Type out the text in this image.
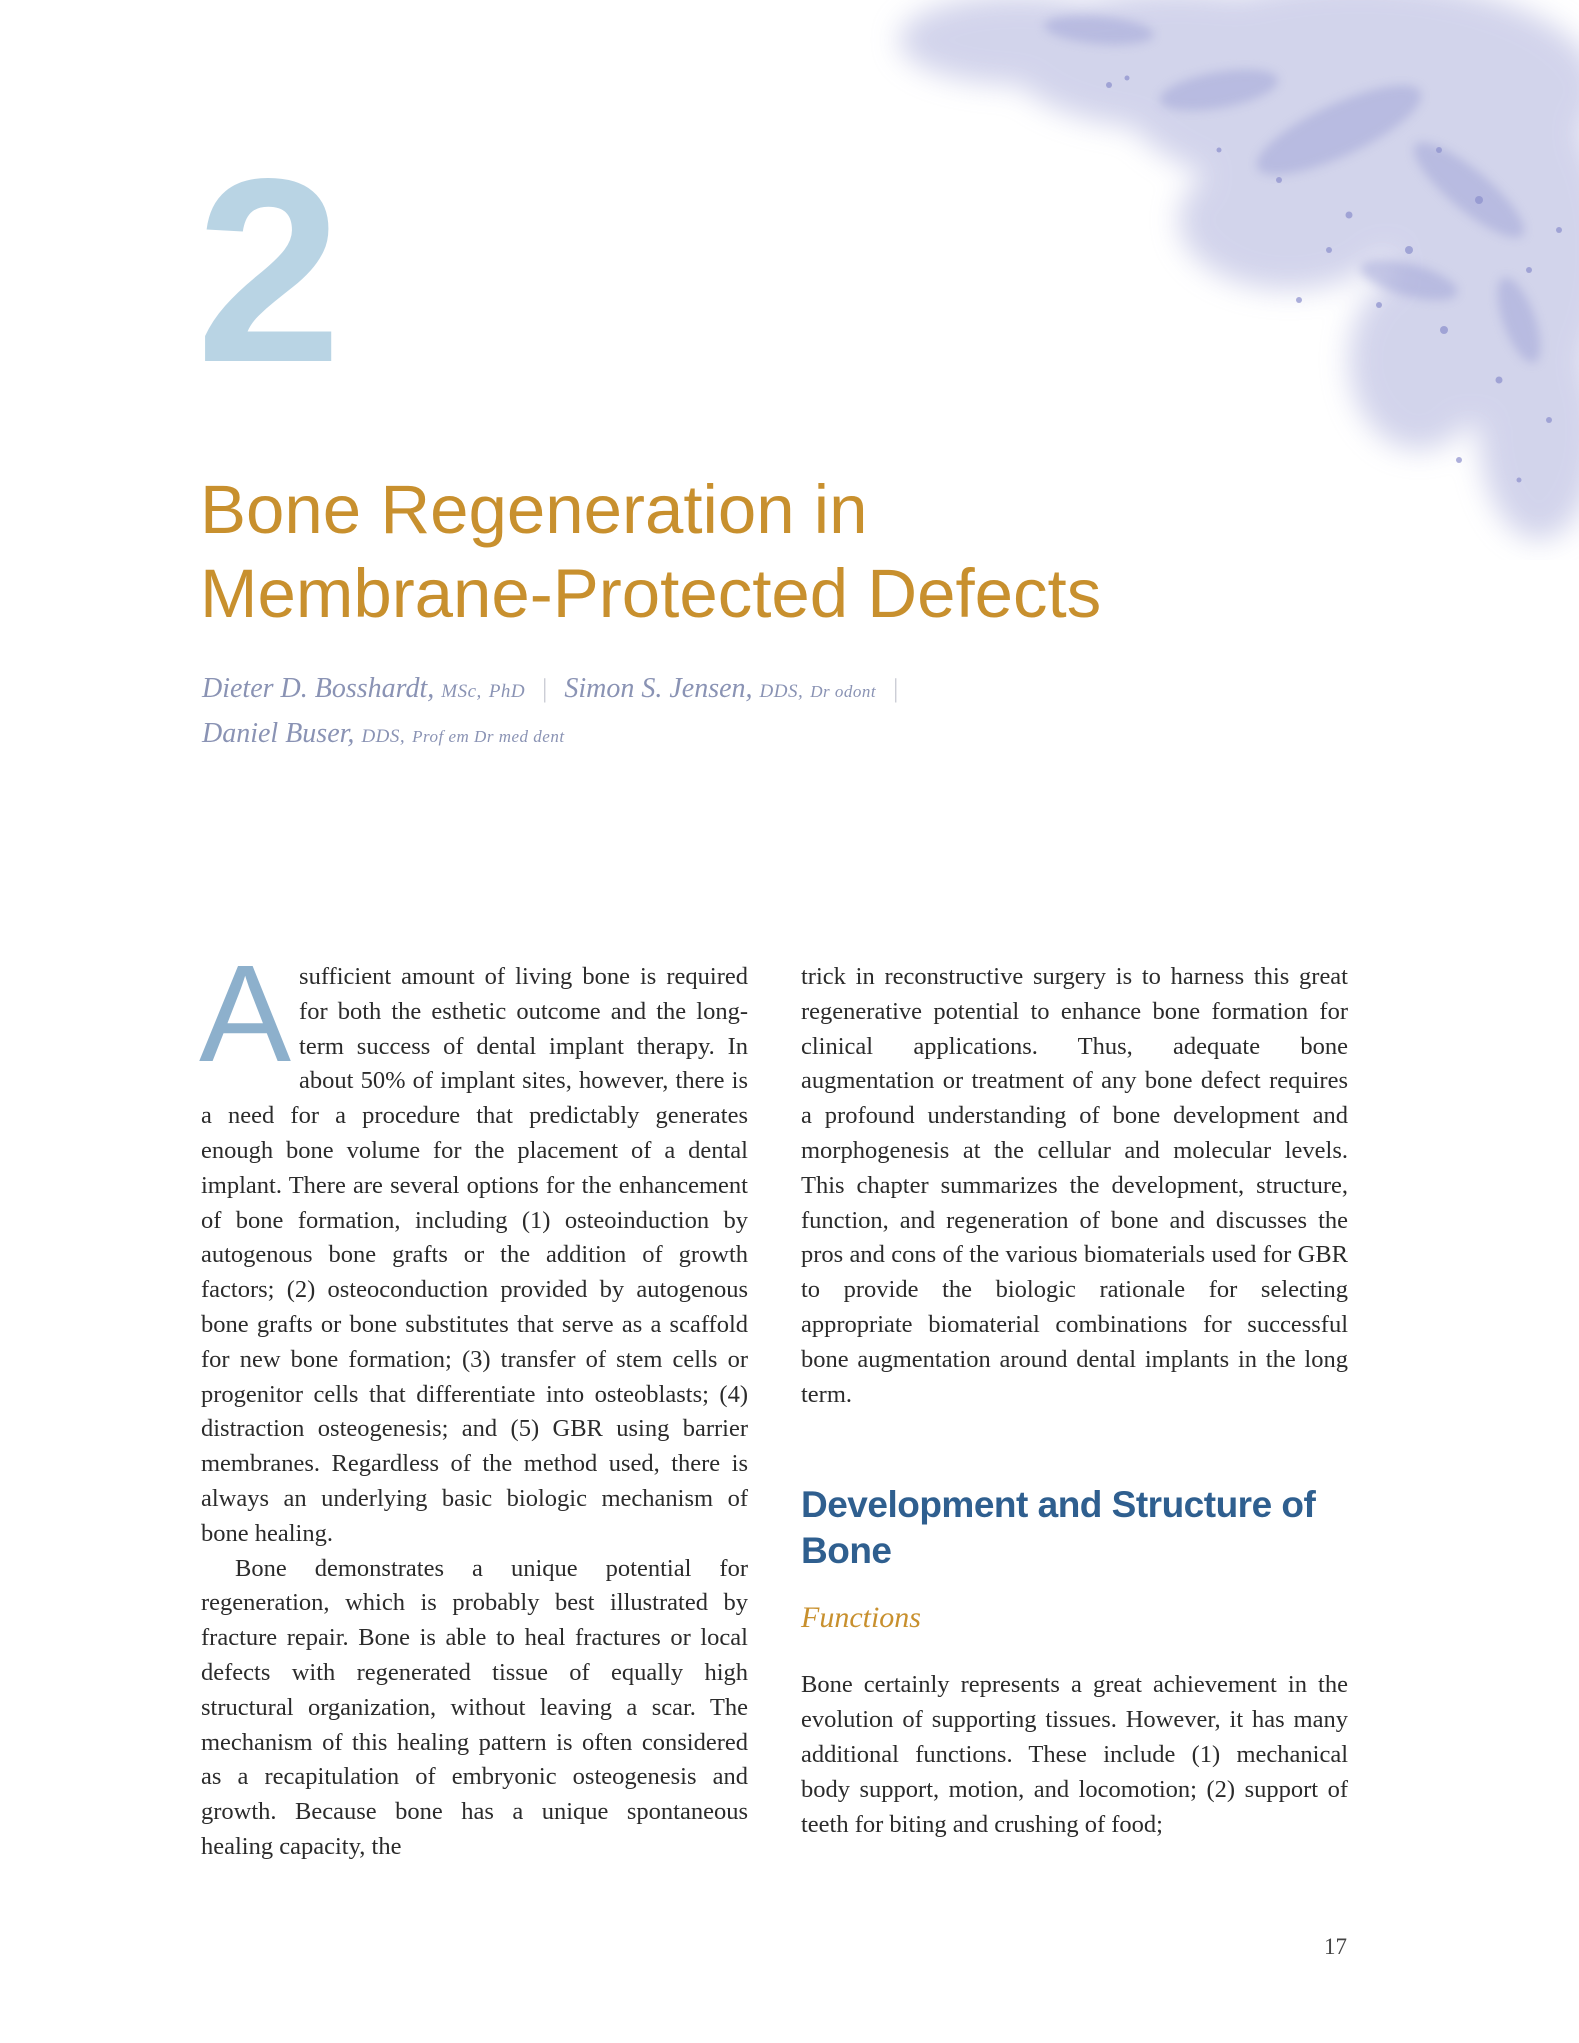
2
Bone Regeneration in
Membrane-Protected Defects
Dieter D. Bosshardt, MSc, PhD | Simon S. Jensen, DDS, Dr odont |
Daniel Buser, DDS, Prof em Dr med dent

Asufficient amount of living bone is required for both the esthetic outcome and the long-term success of dental implant therapy. In about 50% of implant sites, however, there is a need for a procedure that predictably generates enough bone volume for the placement of a dental implant. There are several options for the enhancement of bone formation, including (1) osteoinduction by autogenous bone grafts or the addition of growth factors; (2) osteoconduction provided by autogenous bone grafts or bone substitutes that serve as a scaffold for new bone formation; (3) transfer of stem cells or progenitor cells that differentiate into osteoblasts; (4) distraction osteogenesis; and (5) GBR using barrier membranes. Regardless of the method used, there is always an underlying basic biologic mechanism of bone healing.

Bone demonstrates a unique potential for regeneration, which is probably best illustrated by fracture repair. Bone is able to heal fractures or local defects with regenerated tissue of equally high structural organization, without leaving a scar. The mechanism of this healing pattern is often considered as a recapitulation of embryonic osteogenesis and growth. Because bone has a unique spontaneous healing capacity, the

trick in reconstructive surgery is to harness this great regenerative potential to enhance bone formation for clinical applications. Thus, adequate bone augmentation or treatment of any bone defect requires a profound understanding of bone development and morphogenesis at the cellular and molecular levels. This chapter summarizes the development, structure, function, and regeneration of bone and discusses the pros and cons of the various biomaterials used for GBR to provide the biologic rationale for selecting appropriate biomaterial combinations for successful bone augmentation around dental implants in the long term.

Development and Structure of Bone
Functions

Bone certainly represents a great achievement in the evolution of supporting tissues. However, it has many additional functions. These include (1) mechanical body support, motion, and locomotion; (2) support of teeth for biting and crushing of food;

17
